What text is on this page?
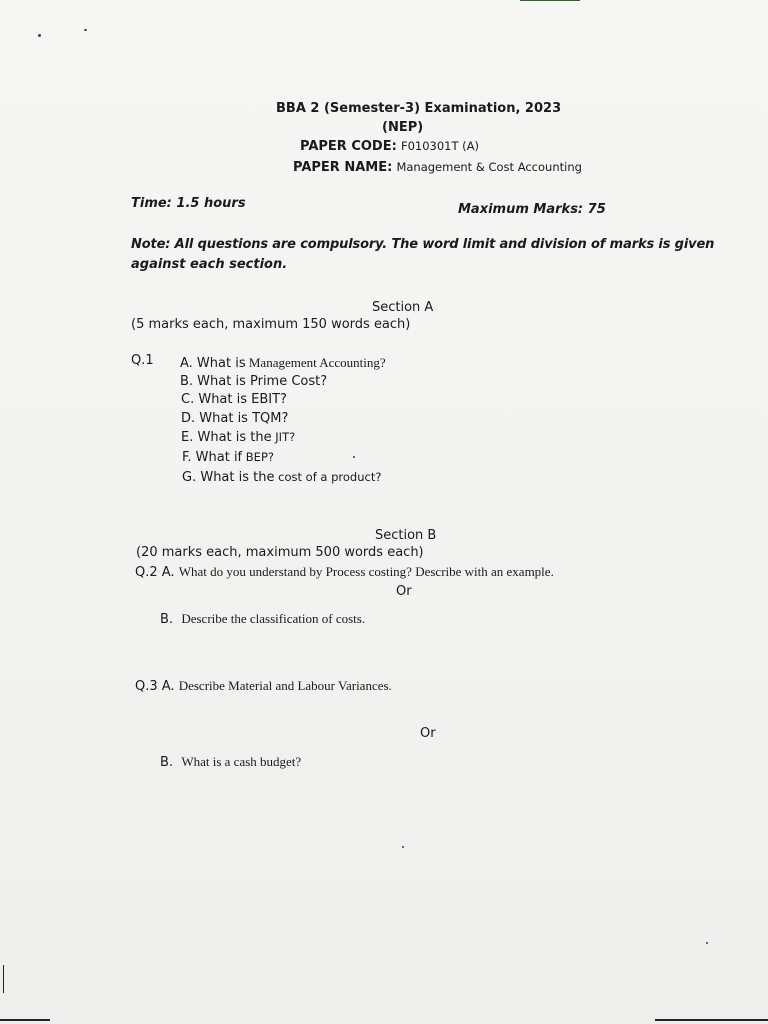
BBA 2 (Semester-3) Examination, 2023
(NEP)
PAPER CODE: F010301T (A)
PAPER NAME: Management & Cost Accounting
Time: 1.5 hours	Maximum Marks: 75
Note: All questions are compulsory. The word limit and division of marks is given
against each section.
Section A
(5 marks each, maximum 150 words each)
Q.1 A. What is Management Accounting?
B. What is Prime Cost?
C. What is EBIT?
D. What is TQM?
E. What is the JIT?
F. What if BEP?
G. What is the cost of a product?
Section B
(20 marks each, maximum 500 words each)
Q.2 A. What do you understand by Process costing? Describe with an example.
Or
B. Describe the classification of costs.
Q.3 A. Describe Material and Labour Variances.
Or
B. What is a cash budget?
